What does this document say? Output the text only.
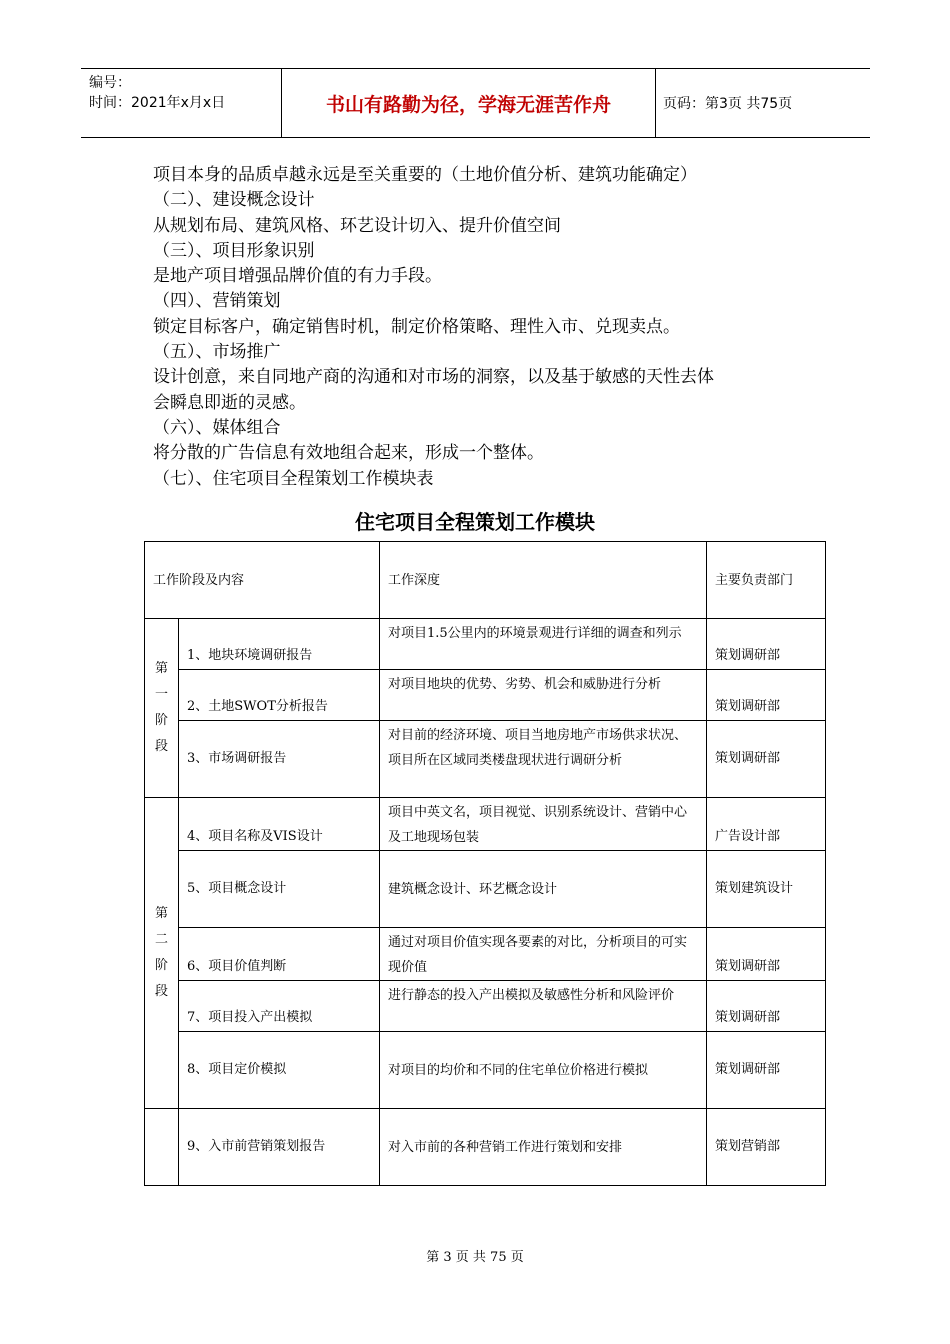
编号：
时间：2021年x月x日	书山有路勤为径，学海无涯苦作舟	页码：第3页 共75页

项目本身的品质卓越永远是至关重要的（土地价值分析、建筑功能确定）

（二）、建设概念设计

从规划布局、建筑风格、环艺设计切入、提升价值空间

（三）、项目形象识别

是地产项目增强品牌价值的有力手段。

（四）、营销策划

锁定目标客户，确定销售时机，制定价格策略、理性入市、兑现卖点。

（五）、市场推广

设计创意，来自同地产商的沟通和对市场的洞察，以及基于敏感的天性去体

会瞬息即逝的灵感。

（六）、媒体组合

将分散的广告信息有效地组合起来，形成一个整体。

（七）、住宅项目全程策划工作模块表

住宅项目全程策划工作模块
工作阶段及内容		工作深度	主要负责部门

第
一
阶
段	1、地块环境调研报告	对项目1.5公里内的环境景观进行详细的调查和列示	策划调研部
	2、土地SWOT分析报告	对项目地块的优势、劣势、机会和威胁进行分析	策划调研部
	3、市场调研报告	对目前的经济环境、项目当地房地产市场供求状况、项目所在区域同类楼盘现状进行调研分析	策划调研部

第
二
阶
段	4、项目名称及VIS设计	项目中英文名，项目视觉、识别系统设计、营销中心及工地现场包装	广告设计部
	5、项目概念设计	建筑概念设计、环艺概念设计	策划建筑设计
	6、项目价值判断	通过对项目价值实现各要素的对比，分析项目的可实现价值	策划调研部
	7、项目投入产出模拟	进行静态的投入产出模拟及敏感性分析和风险评价	策划调研部
	8、项目定价模拟	对项目的均价和不同的住宅单位价格进行模拟	策划调研部
	9、入市前营销策划报告	对入市前的各种营销工作进行策划和安排	策划营销部
第 3 页 共 75 页
